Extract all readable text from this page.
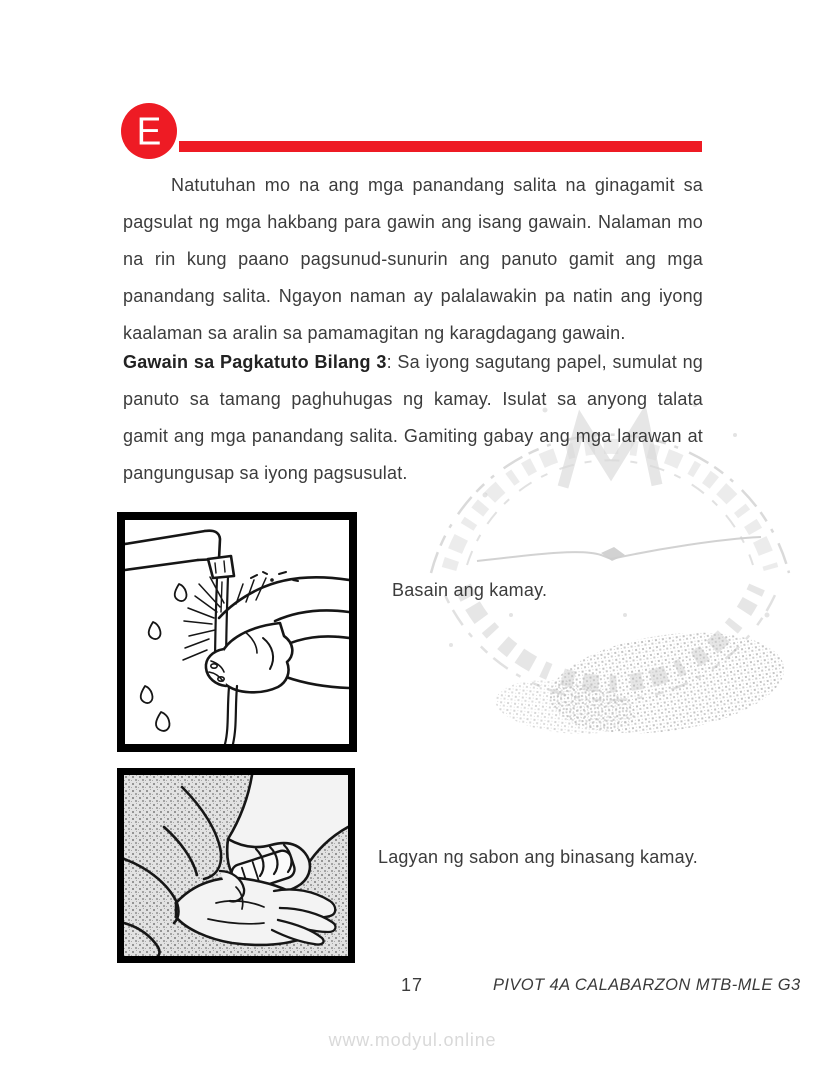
E

Natutuhan mo na ang mga panandang salita na ginagamit sa pagsulat ng mga hakbang para gawin ang isang gawain. Nalaman mo na rin kung paano pagsunud-sunurin ang panuto gamit ang mga panandang salita. Ngayon naman ay palalawakin pa natin ang iyong kaalaman sa aralin sa pamamagitan ng karagdagang gawain.

Gawain sa Pagkatuto Bilang 3: Sa iyong sagutang papel, sumulat ng panuto sa tamang paghuhugas ng kamay. Isulat sa anyong talata gamit ang mga panandang salita. Gamiting gabay ang mga larawan at pangungusap sa iyong pagsusulat.

Basain ang kamay.
Lagyan ng sabon ang binasang kamay.
17	PIVOT 4A CALABARZON MTB-MLE G3
www.modyul.online
